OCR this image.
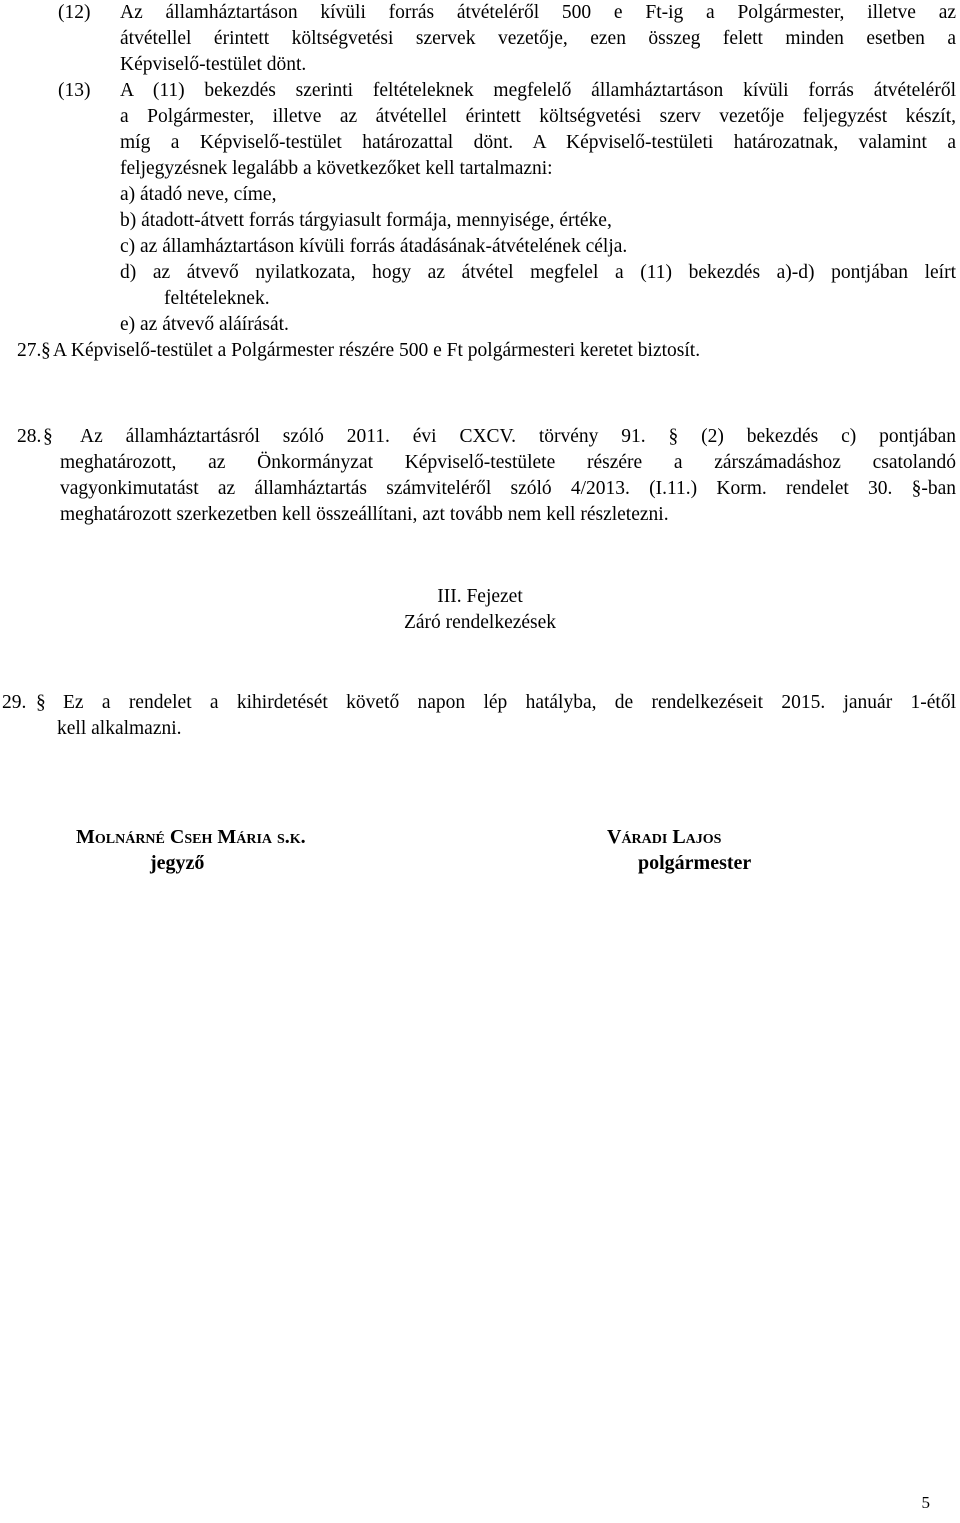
(12) Az államháztartáson kívüli forrás átvételéről 500 e Ft-ig a Polgármester, illetve az
átvétellel érintett költségvetési szervek vezetője, ezen összeg felett minden esetben a
Képviselő-testület dönt.
(13) A (11) bekezdés szerinti feltételeknek megfelelő államháztartáson kívüli forrás átvételéről
a Polgármester, illetve az átvétellel érintett költségvetési szerv vezetője feljegyzést készít,
míg a Képviselő-testület határozattal dönt. A Képviselő-testületi határozatnak, valamint a
feljegyzésnek legalább a következőket kell tartalmazni:
a) átadó neve, címe,
b) átadott-átvett forrás tárgyiasult formája, mennyisége, értéke,
c) az államháztartáson kívüli forrás átadásának-átvételének célja.
d) az átvevő nyilatkozata, hogy az átvétel megfelel a (11) bekezdés a)-d) pontjában leírt
feltételeknek.
e) az átvevő aláírását.
27. § A Képviselő-testület a Polgármester részére 500 e Ft polgármesteri keretet biztosít.
28. § Az államháztartásról szóló 2011. évi CXCV. törvény 91. § (2) bekezdés c) pontjában
meghatározott, az Önkormányzat Képviselő-testülete részére a zárszámadáshoz csatolandó
vagyonkimutatást az államháztartás számviteléről szóló 4/2013. (I.11.) Korm. rendelet 30. §-ban
meghatározott szerkezetben kell összeállítani, azt tovább nem kell részletezni.
III. Fejezet
Záró rendelkezések
29. § Ez a rendelet a kihirdetését követő napon lép hatályba, de rendelkezéseit 2015. január 1-étől
kell alkalmazni.
Molnárné Cseh Mária s.k.
jegyző
Váradi Lajos
polgármester
5
